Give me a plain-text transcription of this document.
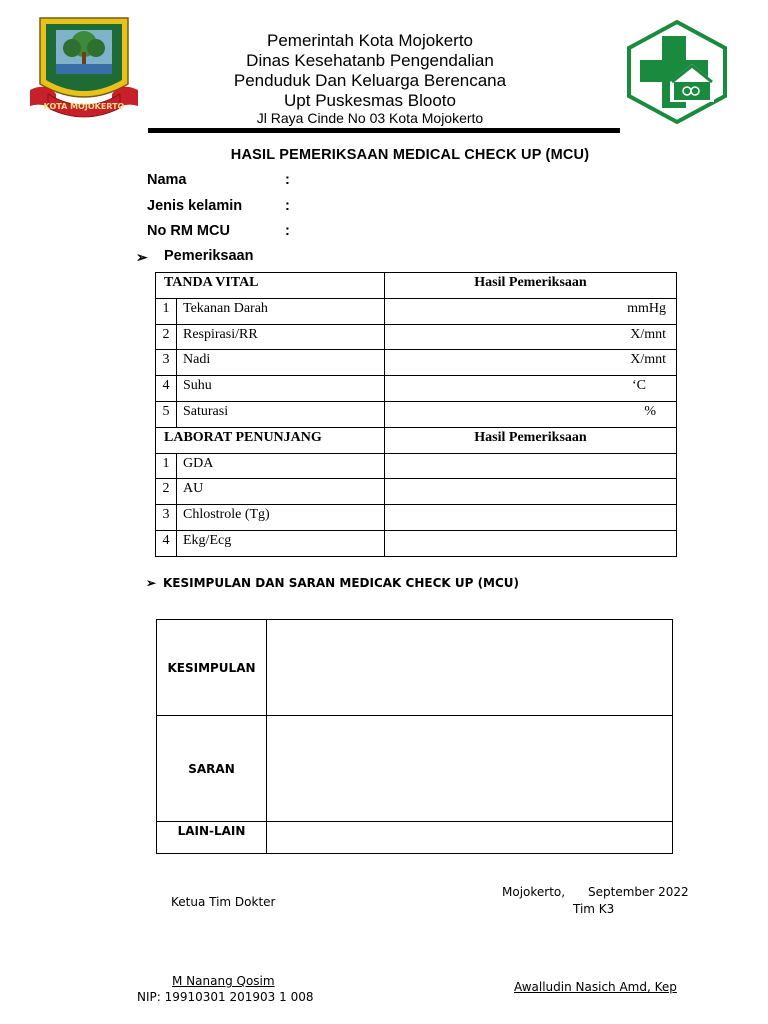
KOTA MOJOKERTO
Pemerintah Kota Mojokerto
Dinas Kesehatanb Pengendalian
Penduduk Dan Keluarga Berencana
Upt Puskesmas Blooto
Jl Raya Cinde No 03 Kota Mojokerto
HASIL PEMERIKSAAN MEDICAL CHECK UP (MCU)
Nama	:
Jenis kelamin	:
No RM MCU	:
➢ Pemeriksaan
TANDA VITAL		Hasil Pemeriksaan
1	Tekanan Darah	mmHg
2	Respirasi/RR	X/mnt
3	Nadi	X/mnt
4	Suhu	‘C
5	Saturasi	%
LABORAT PENUNJANG		Hasil Pemeriksaan
1	GDA	
2	AU	
3	Chlostrole (Tg)	
4	Ekg/Ecg	
➢ KESIMPULAN DAN SARAN MEDICAK CHECK UP (MCU)
KESIMPULAN	
SARAN	
LAIN-LAIN	
Ketua Tim Dokter
Mojokerto, September 2022
Tim K3
M Nanang Qosim
NIP: 19910301 201903 1 008
Awalludin Nasich Amd, Kep
